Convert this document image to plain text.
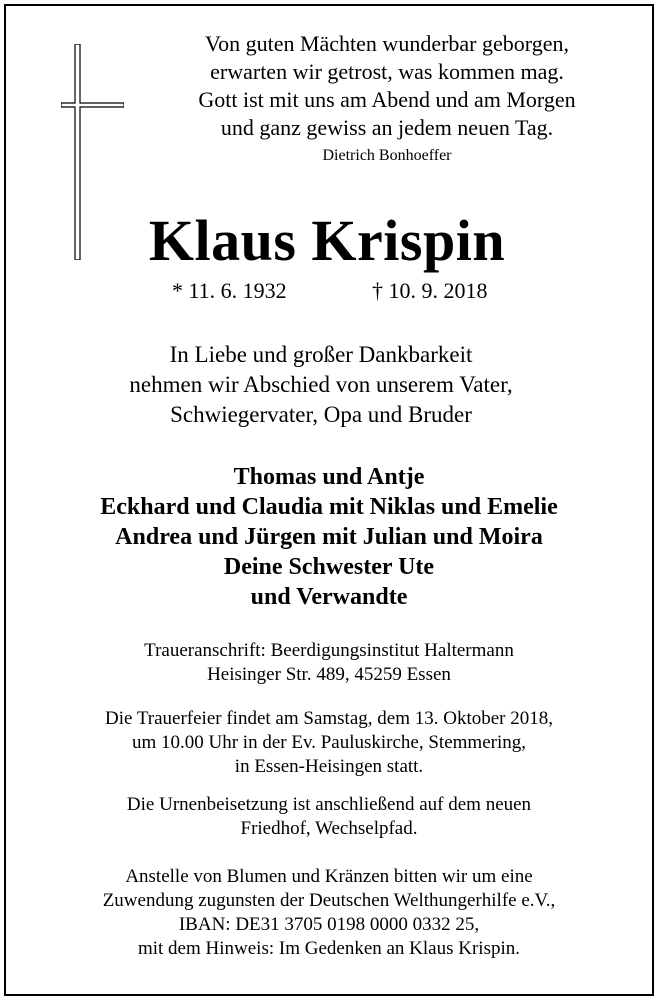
Von guten Mächten wunderbar geborgen,
erwarten wir getrost, was kommen mag.
Gott ist mit uns am Abend und am Morgen
und ganz gewiss an jedem neuen Tag.
Dietrich Bonhoeffer
Klaus Krispin
* 11. 6. 1932	† 10. 9. 2018
In Liebe und großer Dankbarkeit
nehmen wir Abschied von unserem Vater,
Schwiegervater, Opa und Bruder
Thomas und Antje
Eckhard und Claudia mit Niklas und Emelie
Andrea und Jürgen mit Julian und Moira
Deine Schwester Ute
und Verwandte
Traueranschrift: Beerdigungsinstitut Haltermann
Heisinger Str. 489, 45259 Essen
Die Trauerfeier findet am Samstag, dem 13. Oktober 2018,
um 10.00 Uhr in der Ev. Pauluskirche, Stemmering,
in Essen-Heisingen statt.
Die Urnenbeisetzung ist anschließend auf dem neuen
Friedhof, Wechselpfad.
Anstelle von Blumen und Kränzen bitten wir um eine
Zuwendung zugunsten der Deutschen Welthungerhilfe e.V.,
IBAN: DE31 3705 0198 0000 0332 25,
mit dem Hinweis: Im Gedenken an Klaus Krispin.
